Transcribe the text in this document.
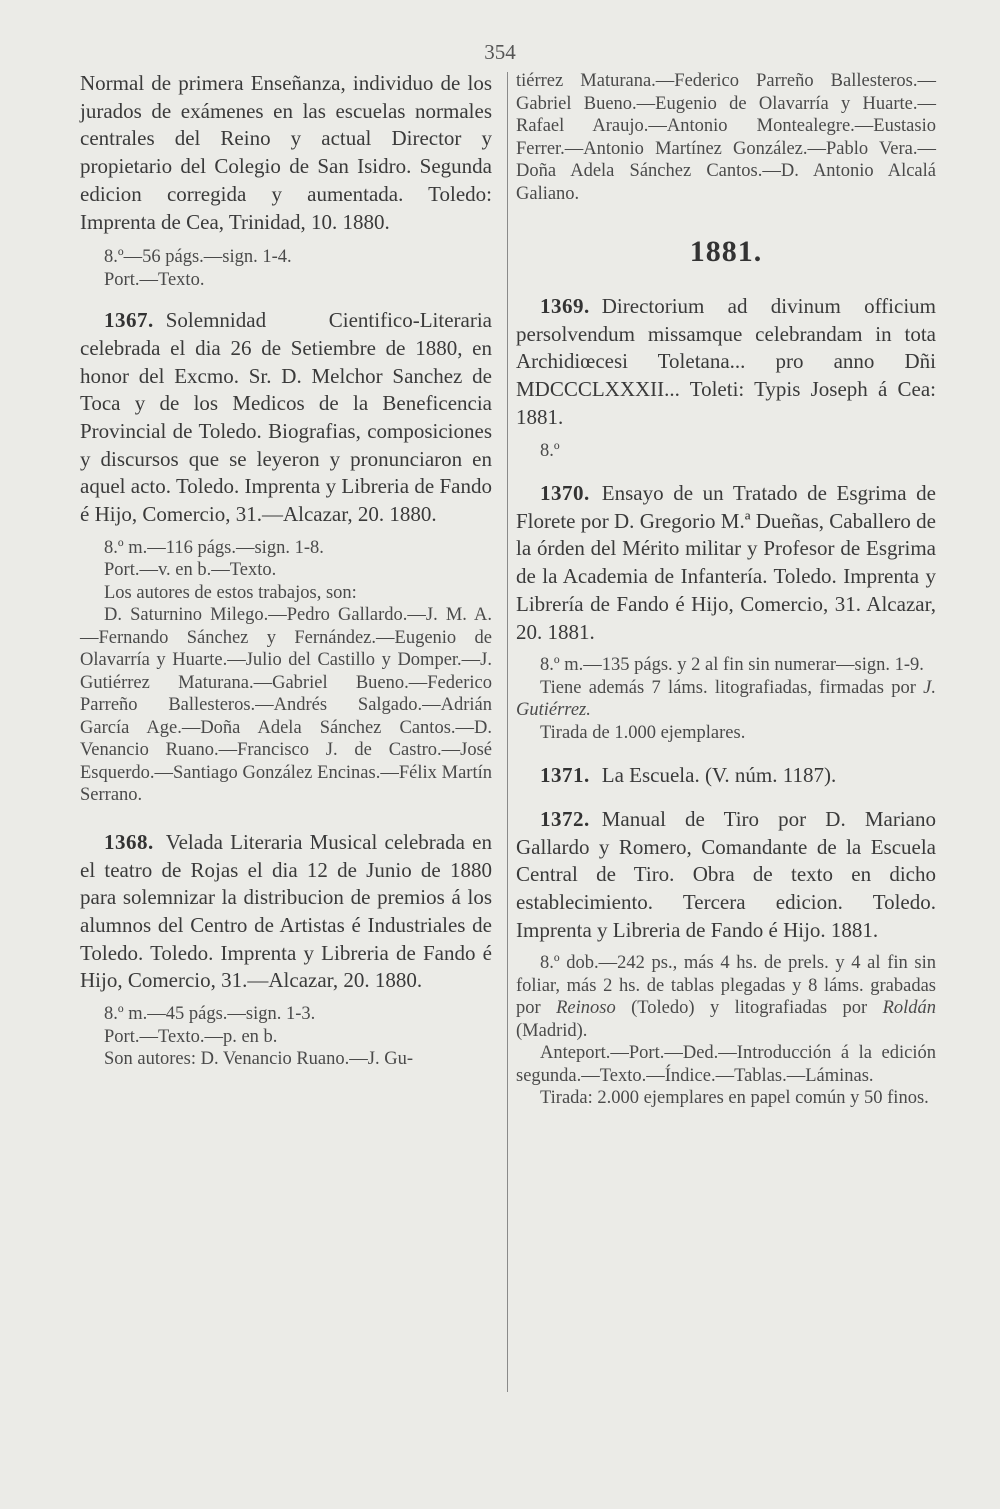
354

Normal de primera Enseñanza, individuo de los jurados de exámenes en las escuelas normales centrales del Reino y actual Director y propietario del Colegio de San Isidro. Segunda edicion corregida y aumentada. Toledo: Imprenta de Cea, Trinidad, 10. 1880.

8.º—56 págs.—sign. 1-4.

Port.—Texto.

1367. Solemnidad Cientifico-Literaria celebrada el dia 26 de Setiembre de 1880, en honor del Excmo. Sr. D. Melchor Sanchez de Toca y de los Medicos de la Beneficencia Provincial de Toledo. Biografias, composiciones y discursos que se leyeron y pronunciaron en aquel acto. Toledo. Imprenta y Libreria de Fando é Hijo, Comercio, 31.—Alcazar, 20. 1880.

8.º m.—116 págs.—sign. 1-8.

Port.—v. en b.—Texto.

Los autores de estos trabajos, son:

D. Saturnino Milego.—Pedro Gallardo.—J. M. A.—Fernando Sánchez y Fernández.—Eugenio de Olavarría y Huarte.—Julio del Castillo y Domper.—J. Gutiérrez Maturana.—Gabriel Bueno.—Federico Parreño Ballesteros.—Andrés Salgado.—Adrián García Age.—Doña Adela Sánchez Cantos.—D. Venancio Ruano.—Francisco J. de Castro.—José Esquerdo.—Santiago González Encinas.—Félix Martín Serrano.

1368. Velada Literaria Musical celebrada en el teatro de Rojas el dia 12 de Junio de 1880 para solemnizar la distribucion de premios á los alumnos del Centro de Artistas é Industriales de Toledo. Toledo. Imprenta y Libreria de Fando é Hijo, Comercio, 31.—Alcazar, 20. 1880.

8.º m.—45 págs.—sign. 1-3.

Port.—Texto.—p. en b.

Son autores: D. Venancio Ruano.—J. Gu-

tiérrez Maturana.—Federico Parreño Ballesteros.—Gabriel Bueno.—Eugenio de Olavarría y Huarte.—Rafael Araujo.—Antonio Montealegre.—Eustasio Ferrer.—Antonio Martínez González.—Pablo Vera.—Doña Adela Sánchez Cantos.—D. Antonio Alcalá Galiano.

1881.

1369. Directorium ad divinum officium persolvendum missamque celebrandam in tota Archidiœcesi Toletana... pro anno Dñi MDCCCLXXXII... Toleti: Typis Joseph á Cea: 1881.

8.º

1370. Ensayo de un Tratado de Esgrima de Florete por D. Gregorio M.ª Dueñas, Caballero de la órden del Mérito militar y Profesor de Esgrima de la Academia de Infantería. Toledo. Imprenta y Librería de Fando é Hijo, Comercio, 31. Alcazar, 20. 1881.

8.º m.—135 págs. y 2 al fin sin numerar—sign. 1-9.

Tiene además 7 láms. litografiadas, firmadas por J. Gutiérrez.

Tirada de 1.000 ejemplares.

1371. La Escuela. (V. núm. 1187).

1372. Manual de Tiro por D. Mariano Gallardo y Romero, Comandante de la Escuela Central de Tiro. Obra de texto en dicho establecimiento. Tercera edicion. Toledo. Imprenta y Libreria de Fando é Hijo. 1881.

8.º dob.—242 ps., más 4 hs. de prels. y 4 al fin sin foliar, más 2 hs. de tablas plegadas y 8 láms. grabadas por Reinoso (Toledo) y litografiadas por Roldán (Madrid).

Anteport.—Port.—Ded.—Introducción á la edición segunda.—Texto.—Índice.—Tablas.—Láminas.

Tirada: 2.000 ejemplares en papel común y 50 finos.
